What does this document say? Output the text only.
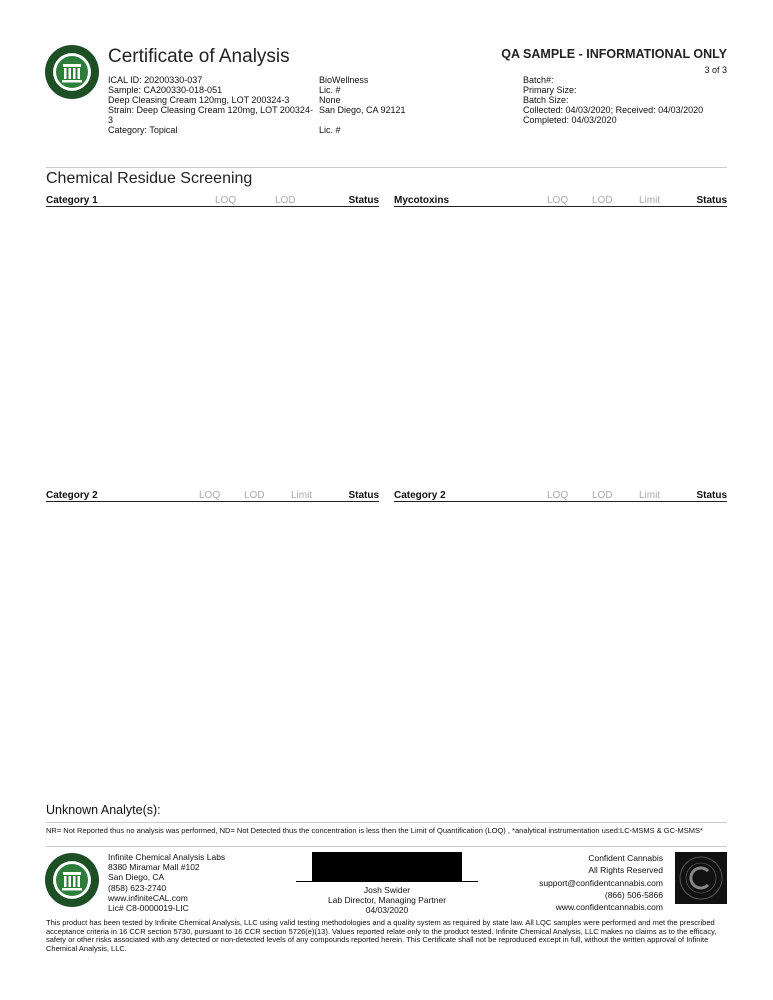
Certificate of Analysis	QA SAMPLE - INFORMATIONAL ONLY
3 of 3
ICAL ID: 20200330-037
Sample: CA200330-018-051
Deep Cleasing Cream 120mg, LOT 200324-3
Strain: Deep Cleasing Cream 120mg, LOT 200324-
3
Category: Topical
BioWellness
Lic. #
None
San Diego, CA 92121
Lic. #
Batch#:
Primary Size:
Batch Size:
Collected: 04/03/2020; Received: 04/03/2020
Completed: 04/03/2020
Chemical Residue Screening
Category 1	LOQ	LOD	Status Mycotoxins	LOQ LOD	Limit	Status
Category 2	LOQ LOD	Limit	Status Category 2	LOQ LOD	Limit	Status
Unknown Analyte(s):
NR= Not Reported thus no analysis was performed, ND= Not Detected thus the concentration is less then the Limit of Quantification (LOQ) , *analytical instrumentation used:LC-MSMS & GC-MSMS*
Infinite Chemical Analysis Labs
8380 Miramar Mall #102
San Diego, CA
(858) 623-2740
www.infiniteCAL.com
Lic# C8-0000019-LIC
Josh Swider
Lab Director, Managing Partner
04/03/2020
Confident Cannabis
All Rights Reserved
support@confidentcannabis.com
(866) 506-5866
www.confidentcannabis.com
This product has been tested by Infinite Chemical Analysis, LLC using valid testing methodologies and a quality system as required by state law. All LQC samples were performed and met the prescribed acceptance criteria in 16 CCR section 5730, pursuant to 16 CCR section 5726(e)(13). Values reported relate only to the product tested. Infinite Chemical Analysis, LLC makes no claims as to the efficacy, safety or other risks associated with any detected or non-detected levels of any compounds reported herein. This Certificate shall not be reproduced except in full, without the written approval of Infinite Chemical Analysis, LLC.
